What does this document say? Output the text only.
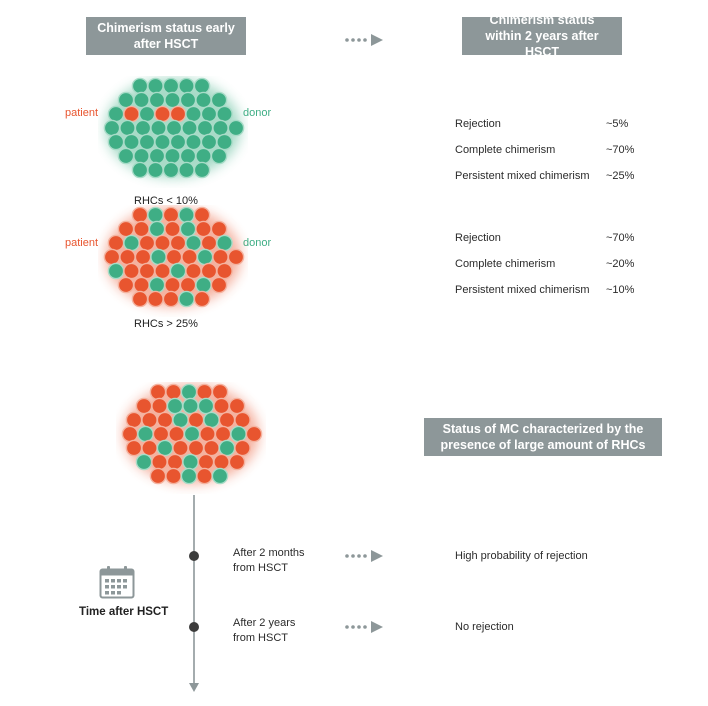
Chimerism status early after HSCT
Chimerism status within 2 years after HSCT
Status of MC characterized by the presence of large amount of RHCs
patient	donor
RHCs < 10%
patient	donor
RHCs > 25%
Rejection	~5%
Complete chimerism	~70%
Persistent mixed chimerism ~25%
Rejection	~70%
Complete chimerism	~20%
Persistent mixed chimerism ~10%
Time after HSCT
After 2 months
from HSCT
High probability of rejection
After 2 years
from HSCT
No rejection
